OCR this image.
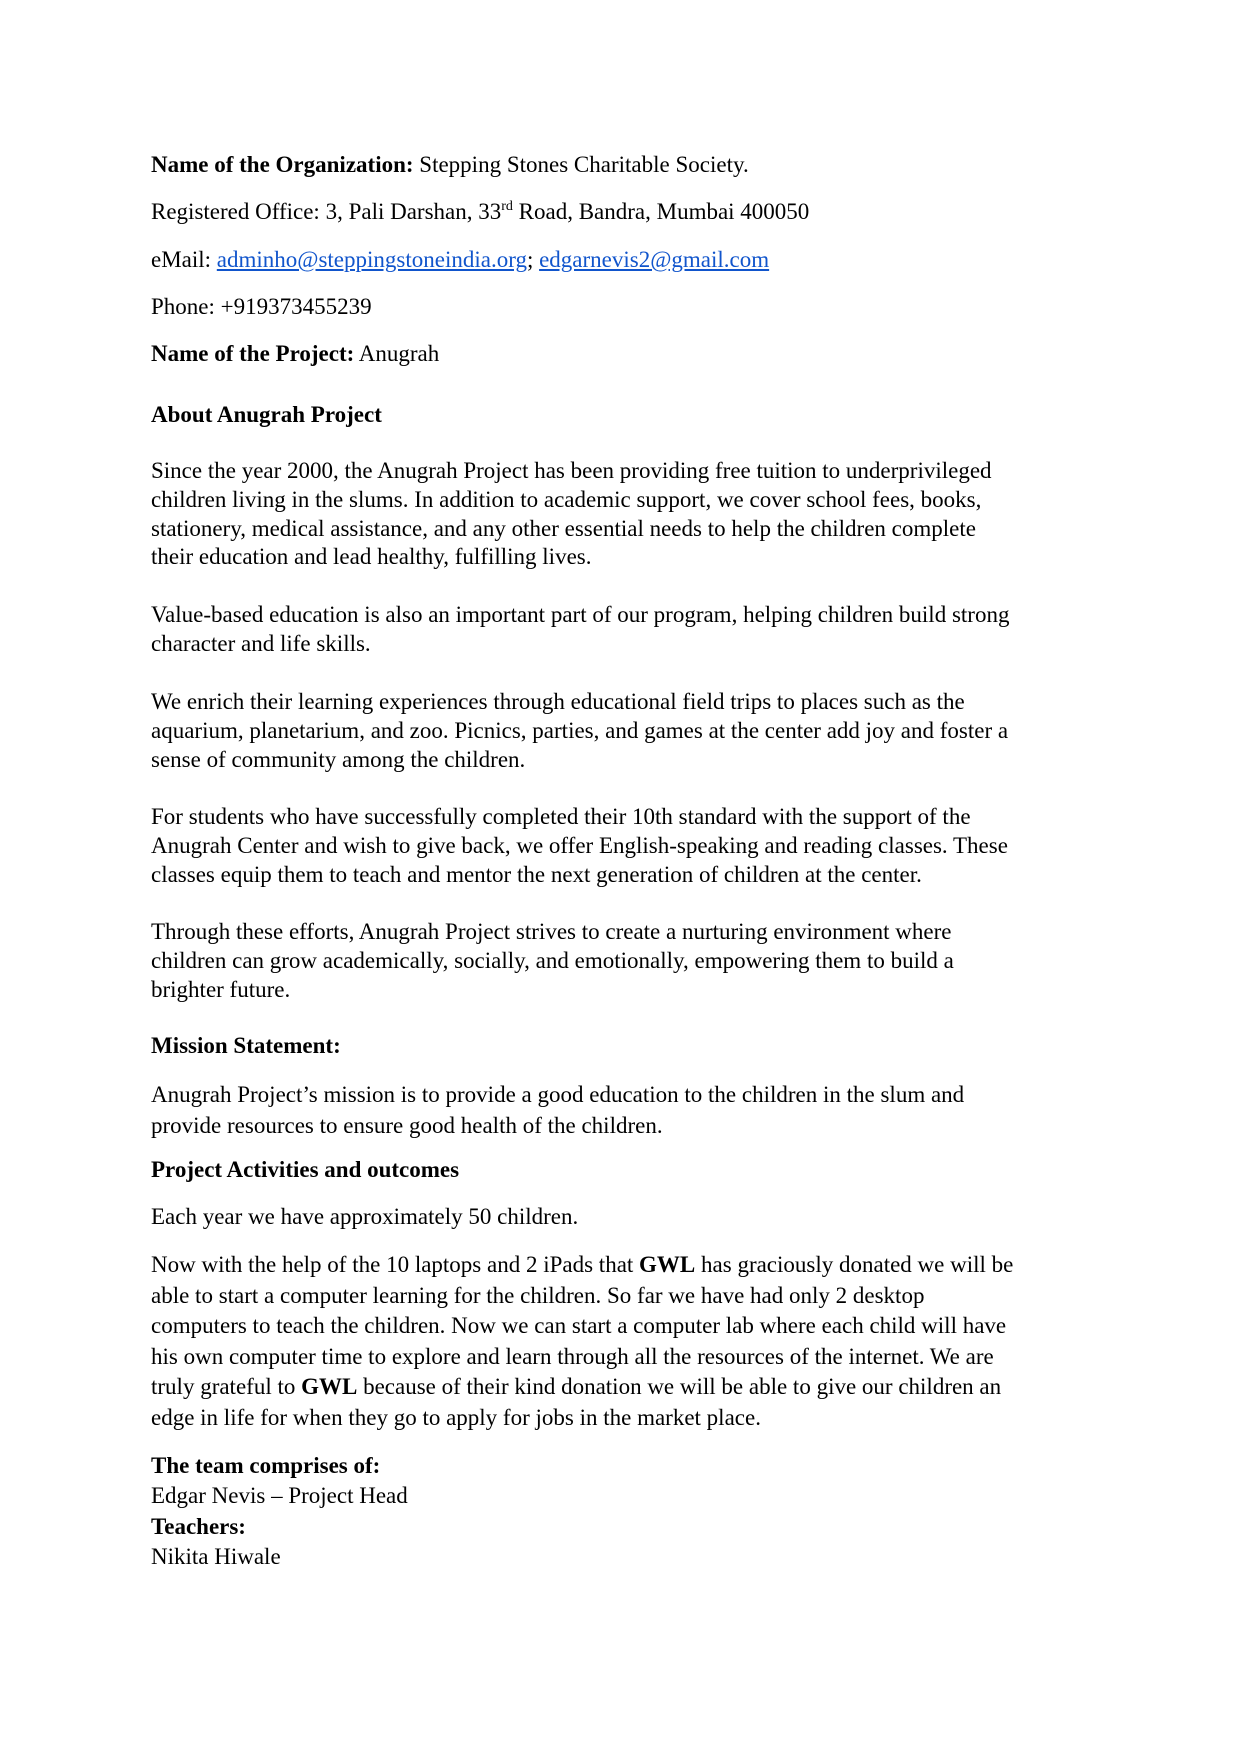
Name of the Organization: Stepping Stones Charitable Society.
Registered Office: 3, Pali Darshan, 33rd Road, Bandra, Mumbai 400050
eMail: adminho@steppingstoneindia.org; edgarnevis2@gmail.com
Phone: +919373455239
Name of the Project: Anugrah
About Anugrah Project
Since the year 2000, the Anugrah Project has been providing free tuition to underprivileged
children living in the slums. In addition to academic support, we cover school fees, books,
stationery, medical assistance, and any other essential needs to help the children complete
their education and lead healthy, fulfilling lives.
Value-based education is also an important part of our program, helping children build strong
character and life skills.
We enrich their learning experiences through educational field trips to places such as the
aquarium, planetarium, and zoo. Picnics, parties, and games at the center add joy and foster a
sense of community among the children.
For students who have successfully completed their 10th standard with the support of the
Anugrah Center and wish to give back, we offer English-speaking and reading classes. These
classes equip them to teach and mentor the next generation of children at the center.
Through these efforts, Anugrah Project strives to create a nurturing environment where
children can grow academically, socially, and emotionally, empowering them to build a
brighter future.
Mission Statement:
Anugrah Project’s mission is to provide a good education to the children in the slum and
provide resources to ensure good health of the children.
Project Activities and outcomes
Each year we have approximately 50 children.
Now with the help of the 10 laptops and 2 iPads that GWL has graciously donated we will be
able to start a computer learning for the children. So far we have had only 2 desktop
computers to teach the children. Now we can start a computer lab where each child will have
his own computer time to explore and learn through all the resources of the internet. We are
truly grateful to GWL because of their kind donation we will be able to give our children an
edge in life for when they go to apply for jobs in the market place.
The team comprises of:
Edgar Nevis – Project Head
Teachers:
Nikita Hiwale
